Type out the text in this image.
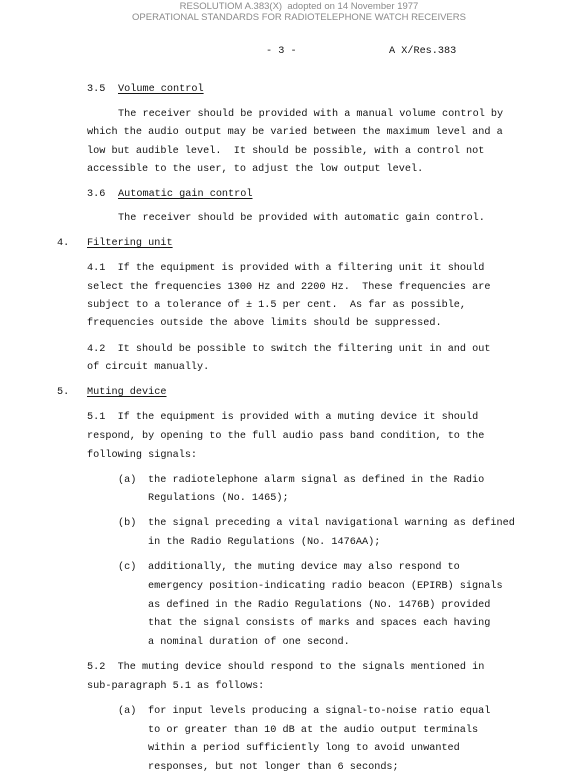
RESOLUTIOM A.383(X)  adopted on 14 November 1977
OPERATIONAL STANDARDS FOR RADIOTELEPHONE WATCH RECEIVERS
- 3 -	A X/Res.383
3.5 Volume control
The receiver should be provided with a manual volume control by
which the audio output may be varied between the maximum level and a
low but audible level.  It should be possible, with a control not
accessible to the user, to adjust the low output level.
3.6 Automatic gain control
The receiver should be provided with automatic gain control.
4. Filtering unit
4.1  If the equipment is provided with a filtering unit it should
select the frequencies 1300 Hz and 2200 Hz.  These frequencies are
subject to a tolerance of ± 1.5 per cent.  As far as possible,
frequencies outside the above limits should be suppressed.
4.2  It should be possible to switch the filtering unit in and out
of circuit manually.
5. Muting device
5.1  If the equipment is provided with a muting device it should
respond, by opening to the full audio pass band condition, to the
following signals:
(a) the radiotelephone alarm signal as defined in the Radio
Regulations (No. 1465);
(b) the signal preceding a vital navigational warning as defined
in the Radio Regulations (No. 1476AA);
(c) additionally, the muting device may also respond to
emergency position-indicating radio beacon (EPIRB) signals
as defined in the Radio Regulations (No. 1476B) provided
that the signal consists of marks and spaces each having
a nominal duration of one second.
5.2  The muting device should respond to the signals mentioned in
sub-paragraph 5.1 as follows:
(a) for input levels producing a signal-to-noise ratio equal
to or greater than 10 dB at the audio output terminals
within a period sufficiently long to avoid unwanted
responses, but not longer than 6 seconds;
